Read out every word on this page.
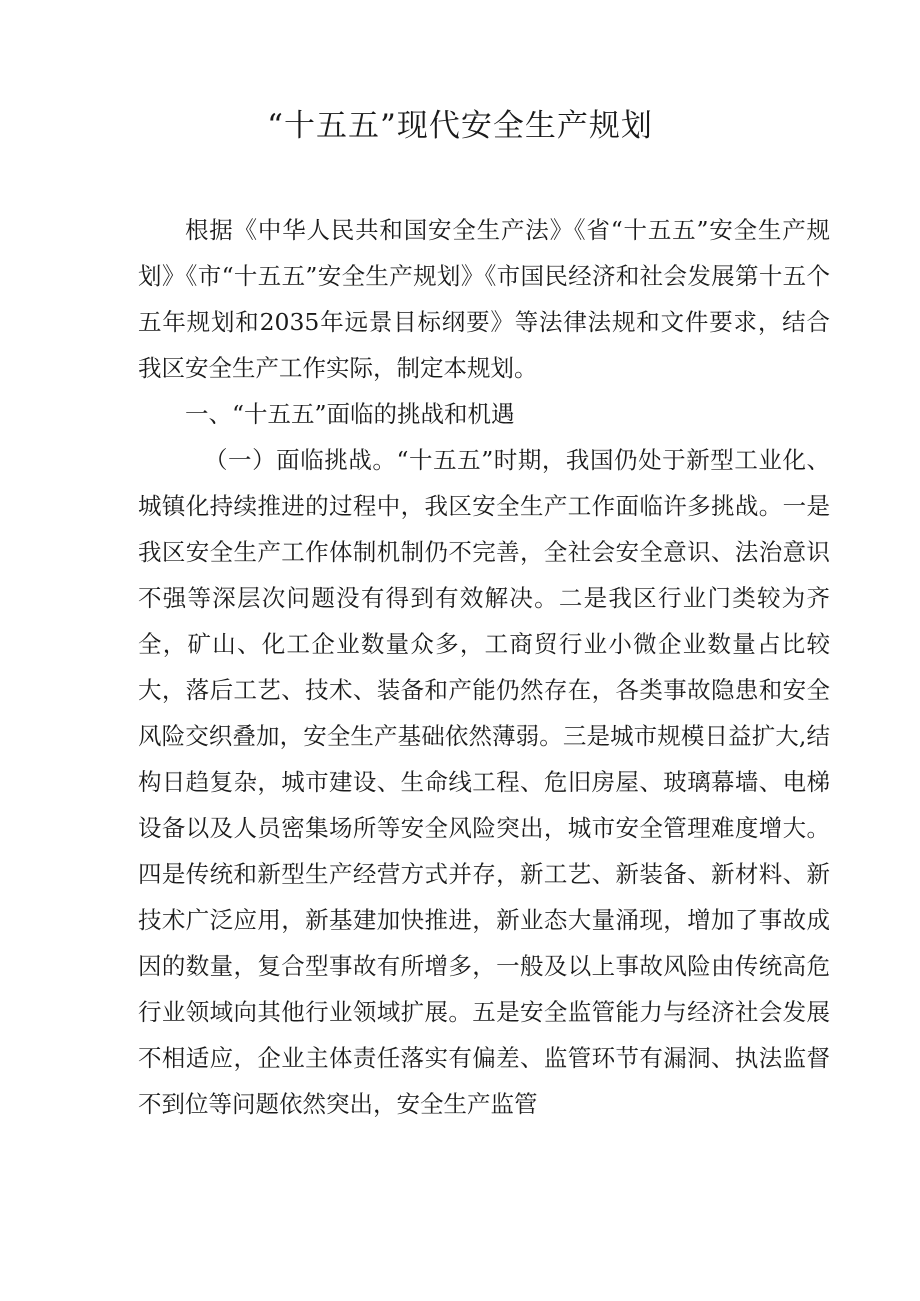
“十五五”现代安全生产规划

根据《中华人民共和国安全生产法》《省“十五五”安全生产规划》《市“十五五”安全生产规划》《市国民经济和社会发展第十五个五年规划和2035年远景目标纲要》等法律法规和文件要求，结合我区安全生产工作实际，制定本规划。

一、“十五五”面临的挑战和机遇

（一）面临挑战。“十五五”时期，我国仍处于新型工业化、城镇化持续推进的过程中，我区安全生产工作面临许多挑战。一是我区安全生产工作体制机制仍不完善，全社会安全意识、法治意识不强等深层次问题没有得到有效解决。二是我区行业门类较为齐全，矿山、化工企业数量众多，工商贸行业小微企业数量占比较大，落后工艺、技术、装备和产能仍然存在，各类事故隐患和安全风险交织叠加，安全生产基础依然薄弱。三是城市规模日益扩大,结构日趋复杂，城市建设、生命线工程、危旧房屋、玻璃幕墙、电梯设备以及人员密集场所等安全风险突出，城市安全管理难度增大。四是传统和新型生产经营方式并存，新工艺、新装备、新材料、新技术广泛应用，新基建加快推进，新业态大量涌现，增加了事故成因的数量，复合型事故有所增多，一般及以上事故风险由传统高危行业领域向其他行业领域扩展。五是安全监管能力与经济社会发展不相适应，企业主体责任落实有偏差、监管环节有漏洞、执法监督不到位等问题依然突出，安全生产监管
